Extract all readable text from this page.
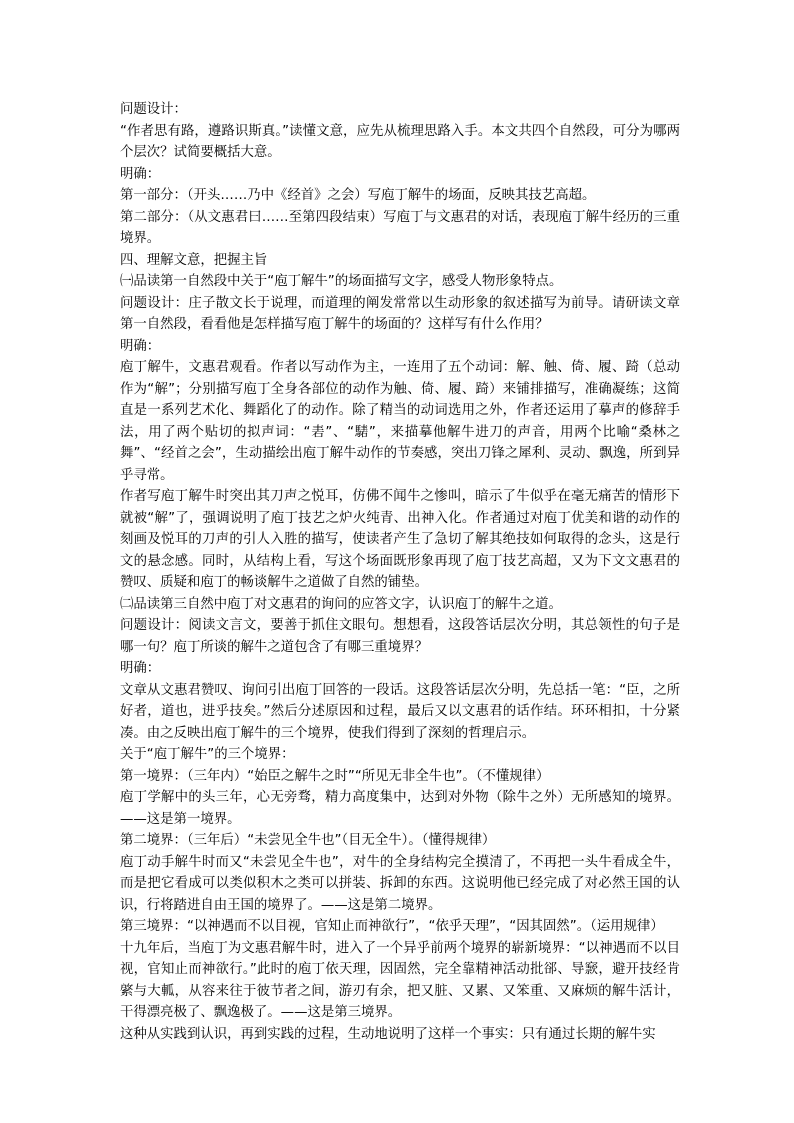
问题设计：

“作者思有路，遵路识斯真。”读懂文意，应先从梳理思路入手。本文共四个自然段，可分为哪两个层次？试简要概括大意。

明确：

第一部分：（开头……乃中《经首》之会）写庖丁解牛的场面，反映其技艺高超。

第二部分：（从文惠君曰……至第四段结束）写庖丁与文惠君的对话，表现庖丁解牛经历的三重境界。

四、理解文意，把握主旨

㈠品读第一自然段中关于“庖丁解牛”的场面描写文字，感受人物形象特点。

问题设计：庄子散文长于说理，而道理的阐发常常以生动形象的叙述描写为前导。请研读文章第一自然段，看看他是怎样描写庖丁解牛的场面的？这样写有什么作用？

明确：

庖丁解牛，文惠君观看。作者以写动作为主，一连用了五个动词：解、触、倚、履、踦（总动作为“解”；分别描写庖丁全身各部位的动作为触、倚、履、踦）来铺排描写，准确凝练；这简直是一系列艺术化、舞蹈化了的动作。除了精当的动词选用之外，作者还运用了摹声的修辞手法，用了两个贴切的拟声词：“砉”、“騞”，来描摹他解牛进刀的声音，用两个比喻“桑林之舞”、“经首之会”，生动描绘出庖丁解牛动作的节奏感，突出刀锋之犀利、灵动、飘逸，所到异乎寻常。

作者写庖丁解牛时突出其刀声之悦耳，仿佛不闻牛之惨叫，暗示了牛似乎在毫无痛苦的情形下就被“解”了，强调说明了庖丁技艺之炉火纯青、出神入化。作者通过对庖丁优美和谐的动作的刻画及悦耳的刀声的引人入胜的描写，使读者产生了急切了解其绝技如何取得的念头，这是行文的悬念感。同时，从结构上看，写这个场面既形象再现了庖丁技艺高超，又为下文文惠君的赞叹、质疑和庖丁的畅谈解牛之道做了自然的铺垫。

㈡品读第三自然中庖丁对文惠君的询问的应答文字，认识庖丁的解牛之道。

问题设计：阅读文言文，要善于抓住文眼句。想想看，这段答话层次分明，其总领性的句子是哪一句？庖丁所谈的解牛之道包含了有哪三重境界？

明确：

文章从文惠君赞叹、询问引出庖丁回答的一段话。这段答话层次分明，先总括一笔：“臣，之所好者，道也，进乎技矣。”然后分述原因和过程，最后又以文惠君的话作结。环环相扣，十分紧凑。由之反映出庖丁解牛的三个境界，使我们得到了深刻的哲理启示。

关于“庖丁解牛”的三个境界：

第一境界：（三年内）“始臣之解牛之时”“所见无非全牛也”。（不懂规律）

庖丁学解中的头三年，心无旁骛，精力高度集中，达到对外物（除牛之外）无所感知的境界。——这是第一境界。

第二境界：（三年后）“未尝见全牛也”（目无全牛）。（懂得规律）

庖丁动手解牛时而又“未尝见全牛也”，对牛的全身结构完全摸清了，不再把一头牛看成全牛，而是把它看成可以类似积木之类可以拼装、拆卸的东西。这说明他已经完成了对必然王国的认识，行将踏进自由王国的境界了。——这是第二境界。

第三境界：“以神遇而不以目视，官知止而神欲行”，“依乎天理”，“因其固然”。（运用规律）

十九年后，当庖丁为文惠君解牛时，进入了一个异乎前两个境界的崭新境界：“以神遇而不以目视，官知止而神欲行。”此时的庖丁依天理，因固然，完全靠精神活动批郤、导窾，避开技经肯綮与大軱，从容来往于彼节者之间，游刃有余，把又脏、又累、又笨重、又麻烦的解牛活计，干得漂亮极了、飘逸极了。——这是第三境界。

这种从实践到认识，再到实践的过程，生动地说明了这样一个事实：只有通过长期的解牛实
